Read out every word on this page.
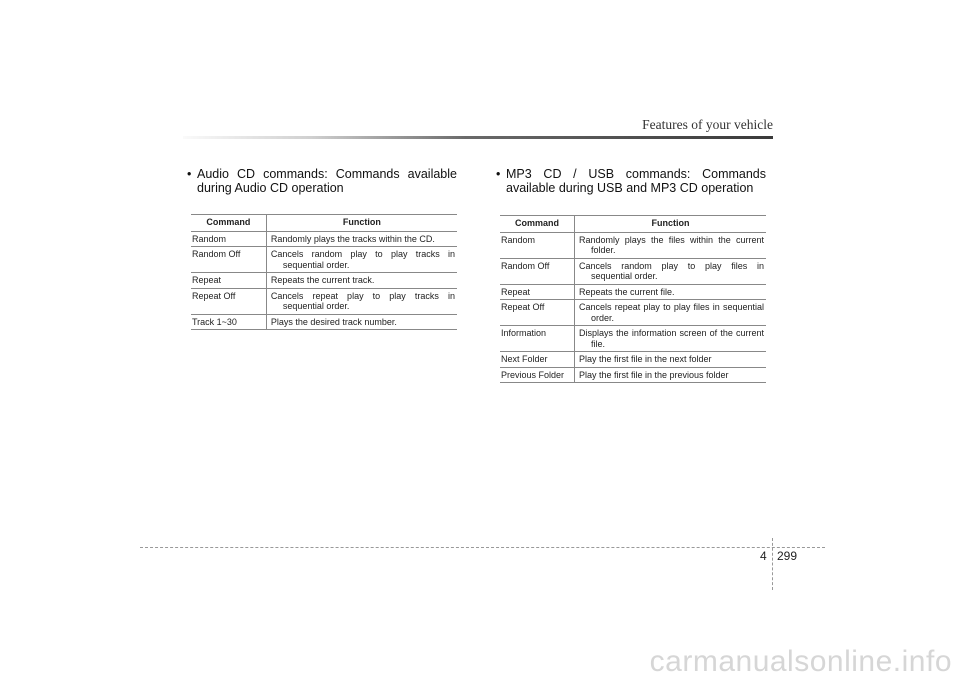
Features of your vehicle

• Audio CD commands: Commands available during Audio CD operation

Command	Function
Random	Randomly plays the tracks within the CD.

Random Off	Cancels random play to play tracks in sequential order.

Repeat	Repeats the current track.

Repeat Off	Cancels repeat play to play tracks in sequential order.

Track 1~30	Plays the desired track number.

• MP3 CD / USB commands: Commands available during USB and MP3 CD operation

Command	Function
Random	Randomly plays the files within the current folder.

Random Off	Cancels random play to play files in sequential order.

Repeat	Repeats the current file.

Repeat Off	Cancels repeat play to play files in sequential order.

Information	Displays the information screen of the current file.

Next Folder	Play the first file in the next folder

Previous Folder	Play the first file in the previous folder
4 299
carmanualsonline.info
